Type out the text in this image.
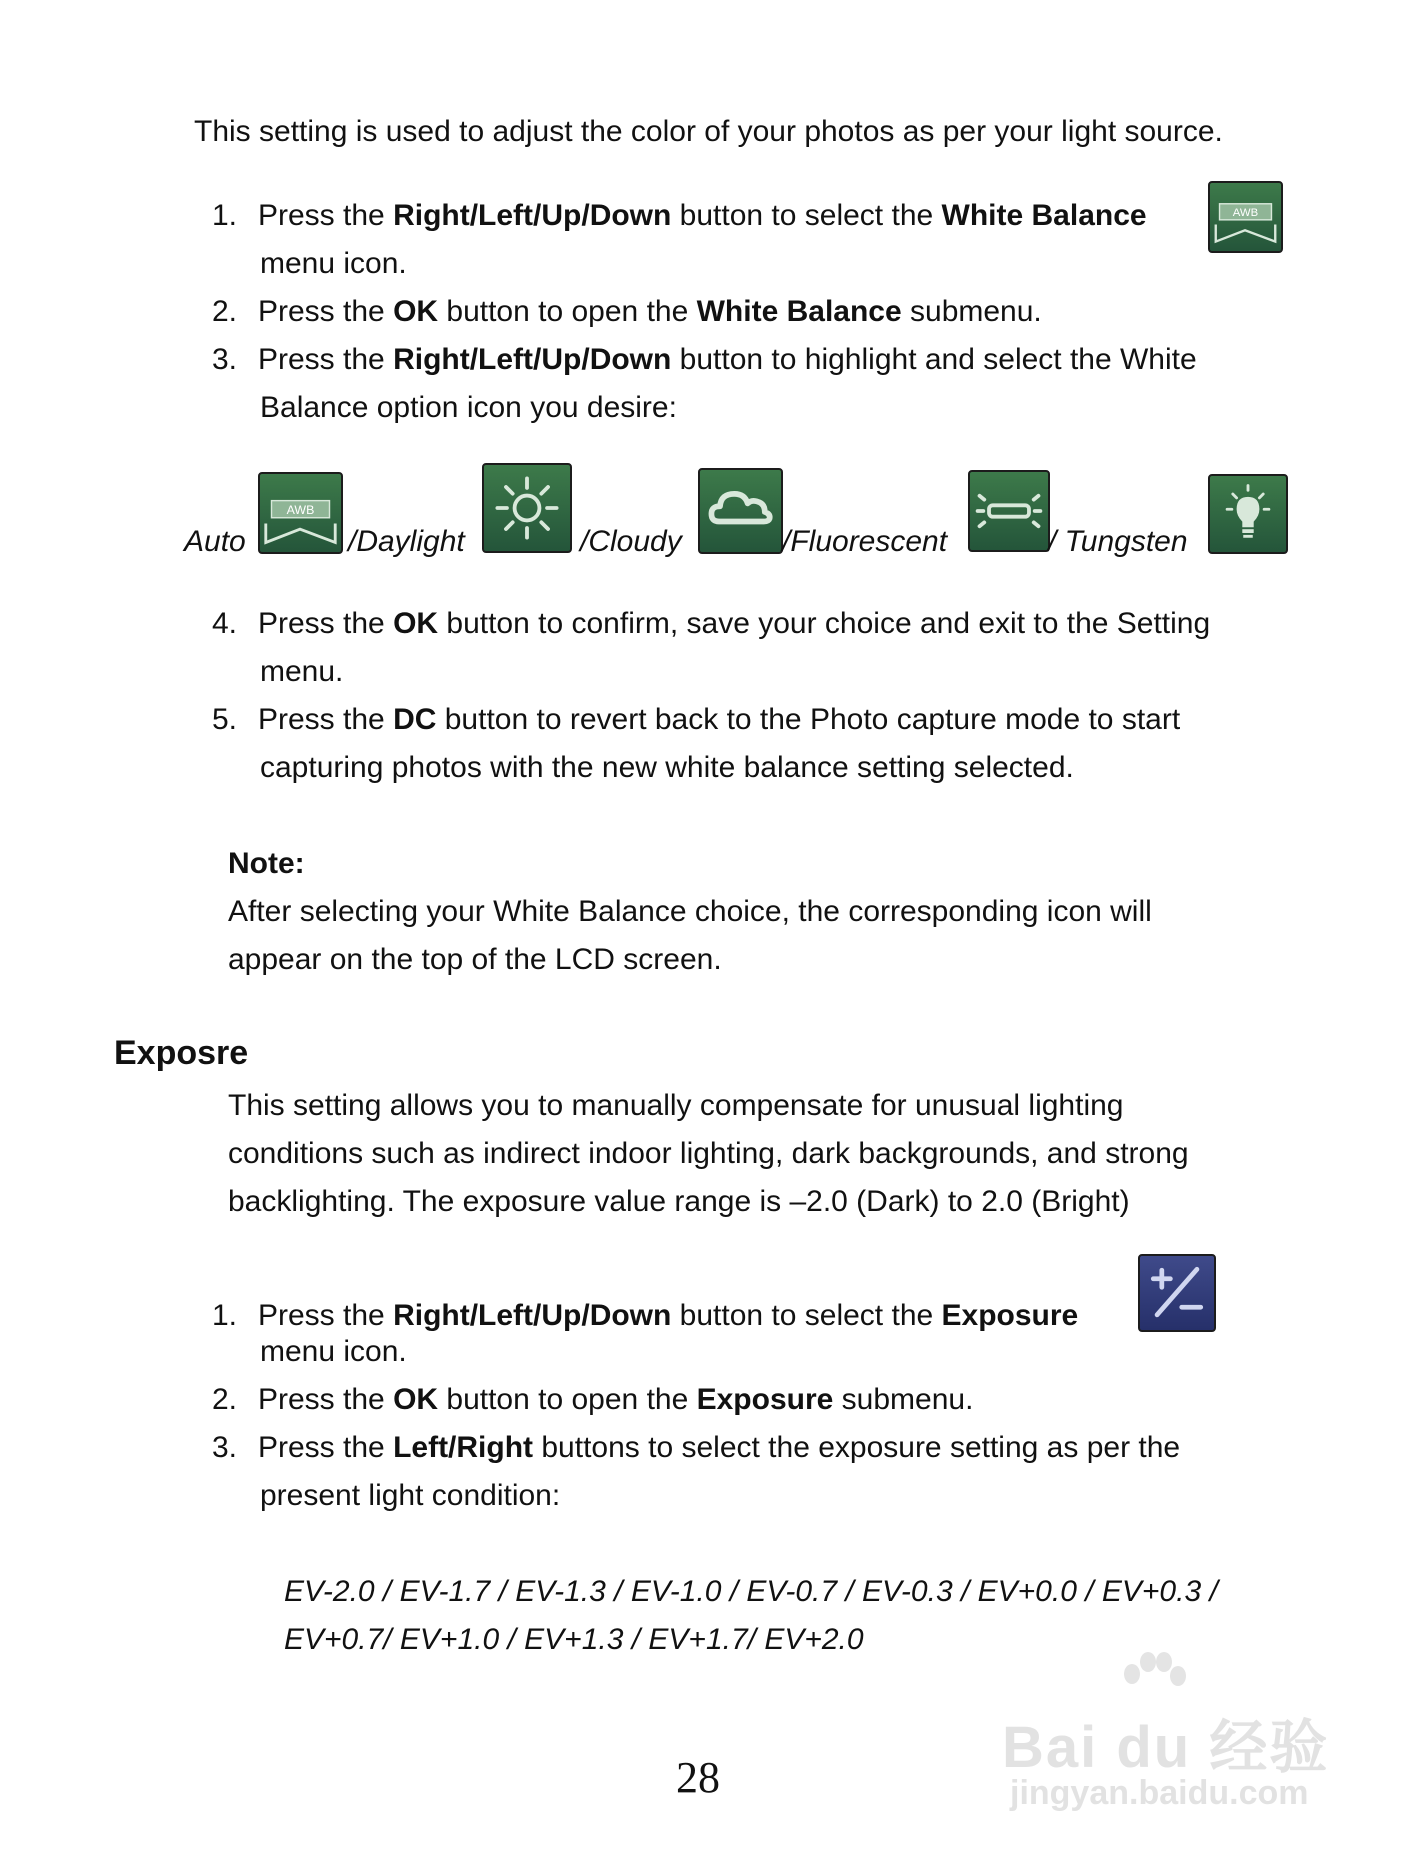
This setting is used to adjust the color of your photos as per your light source.
1. Press the Right/Left/Up/Down button to select the White Balance
menu icon.
AWB
2. Press the OK button to open the White Balance submenu.
3. Press the Right/Left/Up/Down button to highlight and select the White
Balance option icon you desire:
Auto
AWB
/Daylight	/Cloudy	/Fluorescent	/ Tungsten
4. Press the OK button to confirm, save your choice and exit to the Setting
menu.
5. Press the DC button to revert back to the Photo capture mode to start
capturing photos with the new white balance setting selected.
Note:
After selecting your White Balance choice, the corresponding icon will
appear on the top of the LCD screen.
Exposre
This setting allows you to manually compensate for unusual lighting
conditions such as indirect indoor lighting, dark backgrounds, and strong
backlighting. The exposure value range is –2.0 (Dark) to 2.0 (Bright)
1. Press the Right/Left/Up/Down button to select the Exposure
menu icon.
2. Press the OK button to open the Exposure submenu.
3. Press the Left/Right buttons to select the exposure setting as per the
present light condition:
EV-2.0 / EV-1.7 / EV-1.3 / EV-1.0 / EV-0.7 / EV-0.3 / EV+0.0 / EV+0.3 /
EV+0.7/ EV+1.0 / EV+1.3 / EV+1.7/ EV+2.0
28	Bai du 经验
jingyan.baidu.com
